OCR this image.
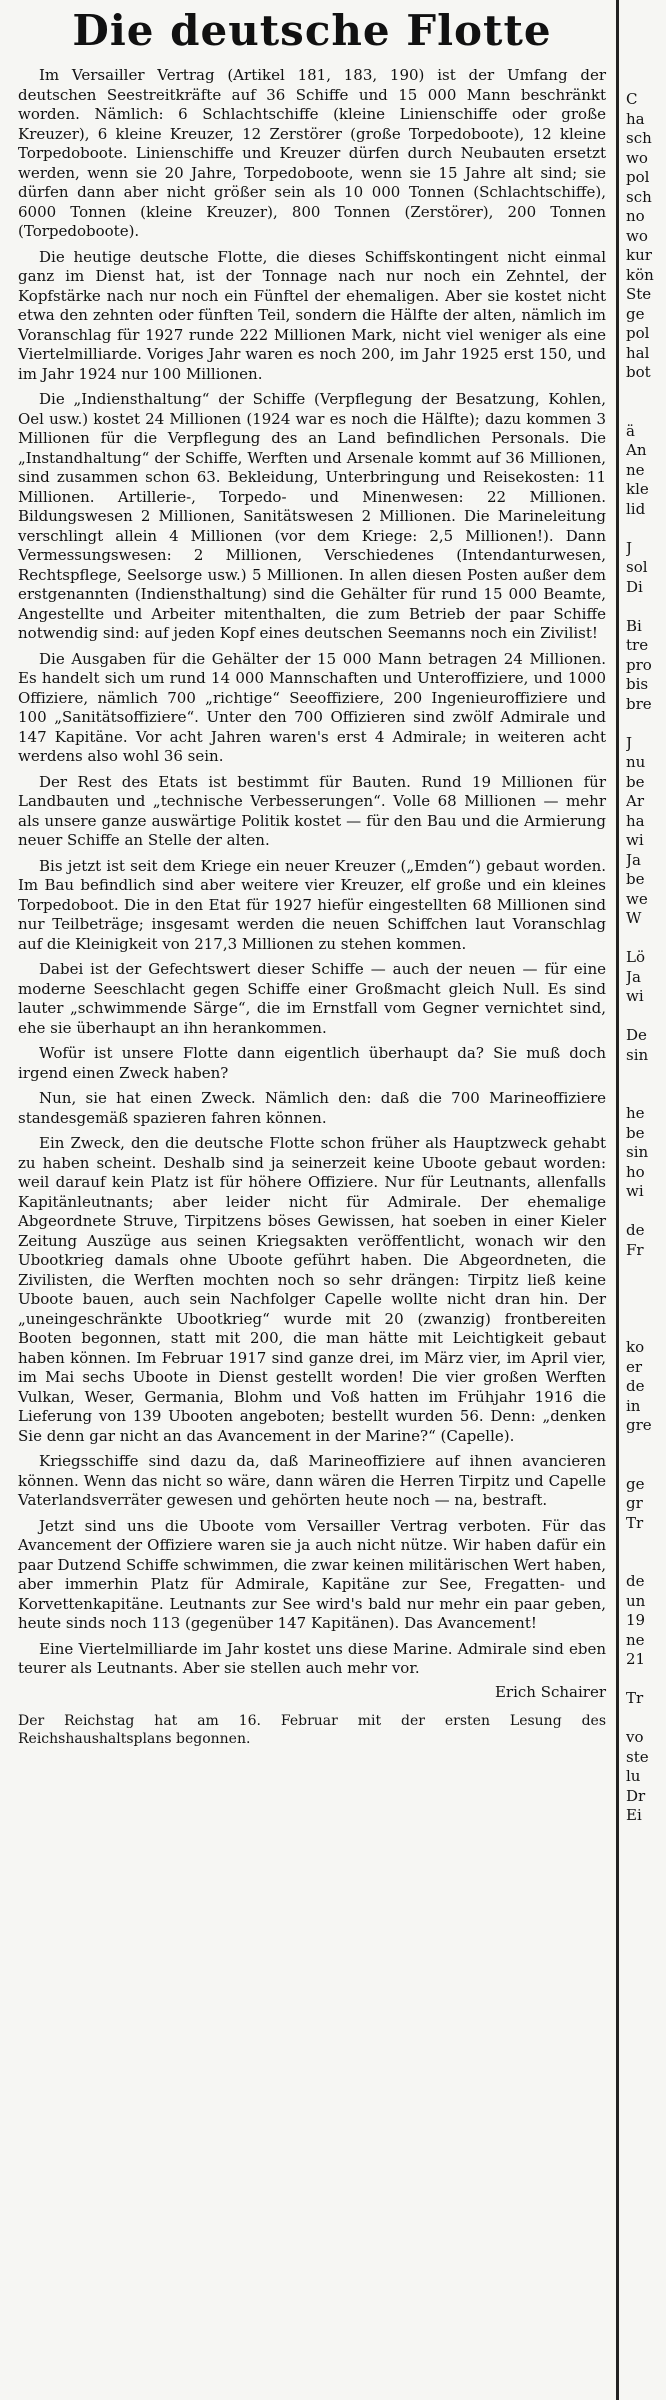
Die deutsche Flotte

Im Versailler Vertrag (Artikel 181, 183, 190) ist der Umfang der deutschen Seestreitkräfte auf 36 Schiffe und 15 000 Mann beschränkt worden. Nämlich: 6 Schlachtschiffe (kleine Linienschiffe oder große Kreuzer), 6 kleine Kreuzer, 12 Zerstörer (große Torpedoboote), 12 kleine Torpedoboote. Linienschiffe und Kreuzer dürfen durch Neubauten ersetzt werden, wenn sie 20 Jahre, Torpedoboote, wenn sie 15 Jahre alt sind; sie dürfen dann aber nicht größer sein als 10 000 Tonnen (Schlachtschiffe), 6000 Tonnen (kleine Kreuzer), 800 Tonnen (Zerstörer), 200 Tonnen (Torpedoboote).

Die heutige deutsche Flotte, die dieses Schiffskontingent nicht einmal ganz im Dienst hat, ist der Tonnage nach nur noch ein Zehntel, der Kopfstärke nach nur noch ein Fünftel der ehemaligen. Aber sie kostet nicht etwa den zehnten oder fünften Teil, sondern die Hälfte der alten, nämlich im Voranschlag für 1927 runde 222 Millionen Mark, nicht viel weniger als eine Viertelmilliarde. Voriges Jahr waren es noch 200, im Jahr 1925 erst 150, und im Jahr 1924 nur 100 Millionen.

Die „Indiensthaltung“ der Schiffe (Verpflegung der Besatzung, Kohlen, Oel usw.) kostet 24 Millionen (1924 war es noch die Hälfte); dazu kommen 3 Millionen für die Verpflegung des an Land befindlichen Personals. Die „Instandhaltung“ der Schiffe, Werften und Arsenale kommt auf 36 Millionen, sind zusammen schon 63. Bekleidung, Unterbringung und Reisekosten: 11 Millionen. Artillerie-, Torpedo- und Minenwesen: 22 Millionen. Bildungswesen 2 Millionen, Sanitätswesen 2 Millionen. Die Marineleitung verschlingt allein 4 Millionen (vor dem Kriege: 2,5 Millionen!). Dann Vermessungswesen: 2 Millionen, Verschiedenes (Intendanturwesen, Rechtspflege, Seelsorge usw.) 5 Millionen. In allen diesen Posten außer dem erstgenannten (Indiensthaltung) sind die Gehälter für rund 15 000 Beamte, Angestellte und Arbeiter mitenthalten, die zum Betrieb der paar Schiffe notwendig sind: auf jeden Kopf eines deutschen Seemanns noch ein Zivilist!

Die Ausgaben für die Gehälter der 15 000 Mann betragen 24 Millionen. Es handelt sich um rund 14 000 Mannschaften und Unteroffiziere, und 1000 Offiziere, nämlich 700 „richtige“ Seeoffiziere, 200 Ingenieuroffiziere und 100 „Sanitätsoffiziere“. Unter den 700 Offizieren sind zwölf Admirale und 147 Kapitäne. Vor acht Jahren waren's erst 4 Admirale; in weiteren acht werdens also wohl 36 sein.

Der Rest des Etats ist bestimmt für Bauten. Rund 19 Millionen für Landbauten und „technische Verbesserungen“. Volle 68 Millionen — mehr als unsere ganze auswärtige Politik kostet — für den Bau und die Armierung neuer Schiffe an Stelle der alten.

Bis jetzt ist seit dem Kriege ein neuer Kreuzer („Emden“) gebaut worden. Im Bau befindlich sind aber weitere vier Kreuzer, elf große und ein kleines Torpedoboot. Die in den Etat für 1927 hiefür eingestellten 68 Millionen sind nur Teilbeträge; insgesamt werden die neuen Schiffchen laut Voranschlag auf die Kleinigkeit von 217,3 Millionen zu stehen kommen.

Dabei ist der Gefechtswert dieser Schiffe — auch der neuen — für eine moderne Seeschlacht gegen Schiffe einer Großmacht gleich Null. Es sind lauter „schwimmende Särge“, die im Ernstfall vom Gegner vernichtet sind, ehe sie überhaupt an ihn herankommen.

Wofür ist unsere Flotte dann eigentlich überhaupt da? Sie muß doch irgend einen Zweck haben?

Nun, sie hat einen Zweck. Nämlich den: daß die 700 Marineoffiziere standesgemäß spazieren fahren können.

Ein Zweck, den die deutsche Flotte schon früher als Hauptzweck gehabt zu haben scheint. Deshalb sind ja seinerzeit keine Uboote gebaut worden: weil darauf kein Platz ist für höhere Offiziere. Nur für Leutnants, allenfalls Kapitänleutnants; aber leider nicht für Admirale. Der ehemalige Abgeordnete Struve, Tirpitzens böses Gewissen, hat soeben in einer Kieler Zeitung Auszüge aus seinen Kriegsakten veröffentlicht, wonach wir den Ubootkrieg damals ohne Uboote geführt haben. Die Abgeordneten, die Zivilisten, die Werften mochten noch so sehr drängen: Tirpitz ließ keine Uboote bauen, auch sein Nachfolger Capelle wollte nicht dran hin. Der „uneingeschränkte Ubootkrieg“ wurde mit 20 (zwanzig) frontbereiten Booten begonnen, statt mit 200, die man hätte mit Leichtigkeit gebaut haben können. Im Februar 1917 sind ganze drei, im März vier, im April vier, im Mai sechs Uboote in Dienst gestellt worden! Die vier großen Werften Vulkan, Weser, Germania, Blohm und Voß hatten im Frühjahr 1916 die Lieferung von 139 Ubooten angeboten; bestellt wurden 56. Denn: „denken Sie denn gar nicht an das Avancement in der Marine?“ (Capelle).

Kriegsschiffe sind dazu da, daß Marineoffiziere auf ihnen avancieren können. Wenn das nicht so wäre, dann wären die Herren Tirpitz und Capelle Vaterlandsverräter gewesen und gehörten heute noch — na, bestraft.

Jetzt sind uns die Uboote vom Versailler Vertrag verboten. Für das Avancement der Offiziere waren sie ja auch nicht nütze. Wir haben dafür ein paar Dutzend Schiffe schwimmen, die zwar keinen militärischen Wert haben, aber immerhin Platz für Admirale, Kapitäne zur See, Fregatten- und Korvettenkapitäne. Leutnants zur See wird's bald nur mehr ein paar geben, heute sinds noch 113 (gegenüber 147 Kapitänen). Das Avancement!

Eine Viertelmilliarde im Jahr kostet uns diese Marine. Admirale sind eben teurer als Leutnants. Aber sie stellen auch mehr vor.

Erich Schairer

Der Reichstag hat am 16. Februar mit der ersten Lesung des Reichshaushaltsplans begonnen.

C
ha
sch
wo
pol
sch
no
wo
kur
kön
Ste
ge
pol
hal
bot
ä
An
ne
kle
lid
J
sol
Di
Bi
tre
pro
bis
bre
J
nu
be
Ar
ha
wi
Ja
be
we
W
Lö
Ja
wi
De
sin
he
be
sin
ho
wi
de
Fr
ko
er
de
in
gre
ge
gr
Tr
de
un
19
ne
21
Tr
vo
ste
lu
Dr
Ei
